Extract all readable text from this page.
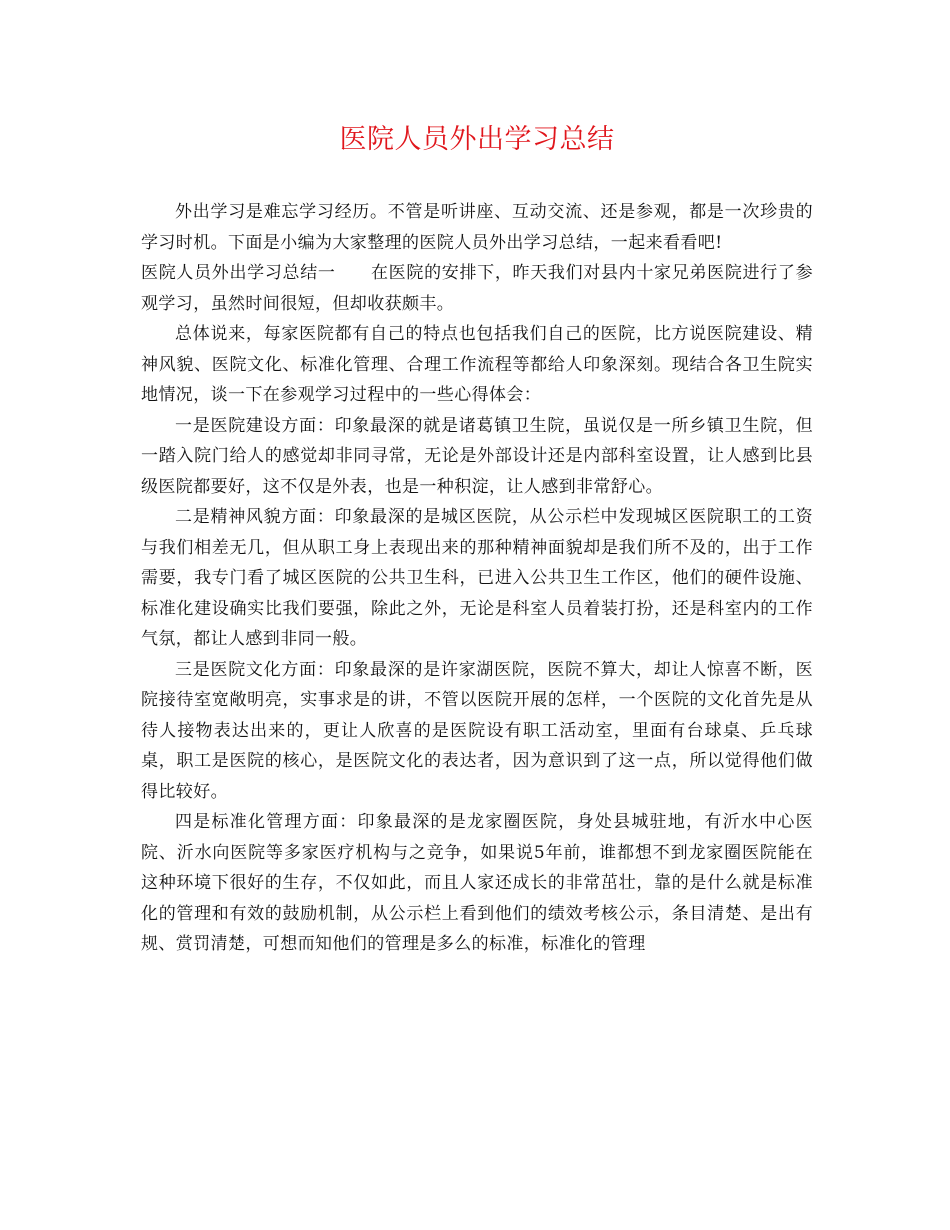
医院人员外出学习总结

外出学习是难忘学习经历。不管是听讲座、互动交流、还是参观，都是一次珍贵的学习时机。下面是小编为大家整理的医院人员外出学习总结，一起来看看吧!

医院人员外出学习总结一　　在医院的安排下，昨天我们对县内十家兄弟医院进行了参观学习，虽然时间很短，但却收获颇丰。

总体说来，每家医院都有自己的特点也包括我们自己的医院，比方说医院建设、精神风貌、医院文化、标准化管理、合理工作流程等都给人印象深刻。现结合各卫生院实地情况，谈一下在参观学习过程中的一些心得体会：

一是医院建设方面：印象最深的就是诸葛镇卫生院，虽说仅是一所乡镇卫生院，但一踏入院门给人的感觉却非同寻常，无论是外部设计还是内部科室设置，让人感到比县级医院都要好，这不仅是外表，也是一种积淀，让人感到非常舒心。

二是精神风貌方面：印象最深的是城区医院，从公示栏中发现城区医院职工的工资与我们相差无几，但从职工身上表现出来的那种精神面貌却是我们所不及的，出于工作需要，我专门看了城区医院的公共卫生科，已进入公共卫生工作区，他们的硬件设施、标准化建设确实比我们要强，除此之外，无论是科室人员着装打扮，还是科室内的工作气氛，都让人感到非同一般。

三是医院文化方面：印象最深的是许家湖医院，医院不算大，却让人惊喜不断，医院接待室宽敞明亮，实事求是的讲，不管以医院开展的怎样，一个医院的文化首先是从待人接物表达出来的，更让人欣喜的是医院设有职工活动室，里面有台球桌、乒乓球桌，职工是医院的核心，是医院文化的表达者，因为意识到了这一点，所以觉得他们做得比较好。

四是标准化管理方面：印象最深的是龙家圈医院，身处县城驻地，有沂水中心医院、沂水向医院等多家医疗机构与之竞争，如果说5年前，谁都想不到龙家圈医院能在这种环境下很好的生存，不仅如此，而且人家还成长的非常茁壮，靠的是什么就是标准化的管理和有效的鼓励机制，从公示栏上看到他们的绩效考核公示，条目清楚、是出有规、赏罚清楚，可想而知他们的管理是多么的标准，标准化的管理
